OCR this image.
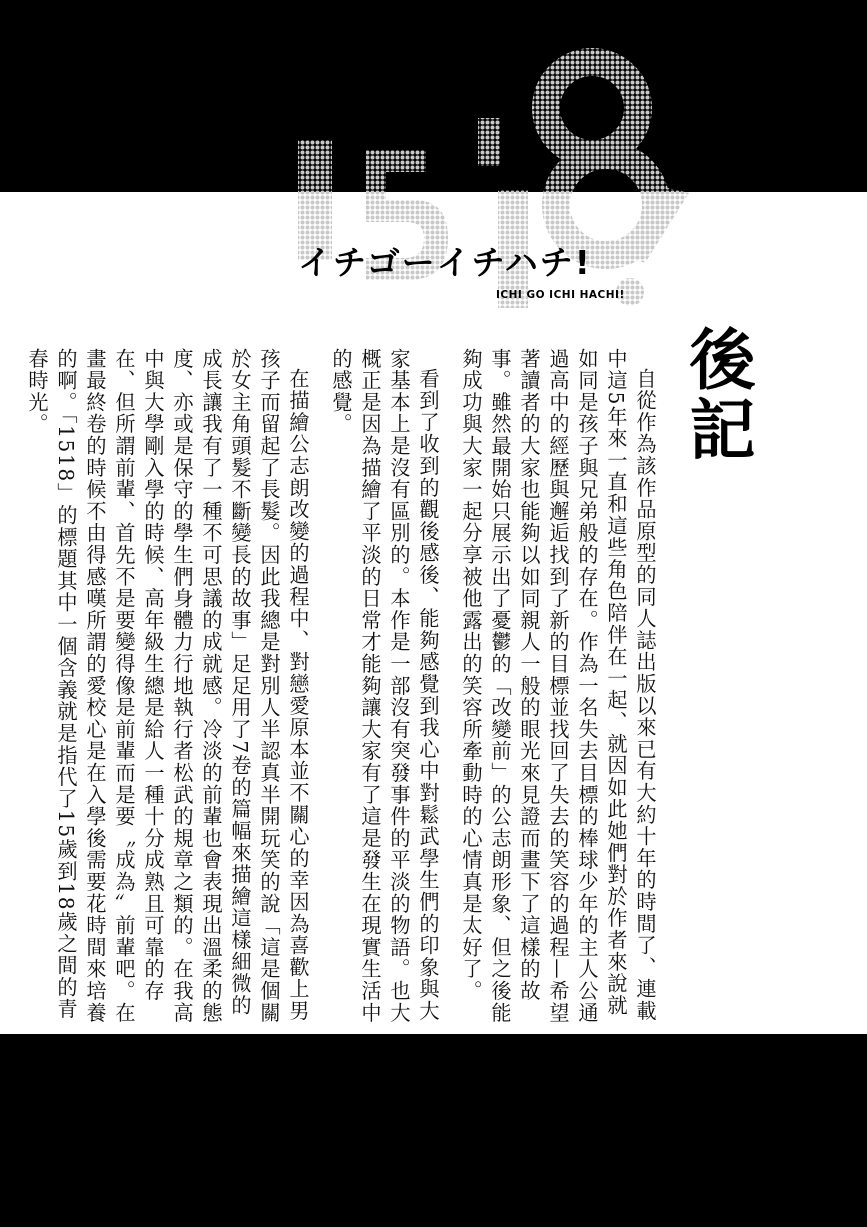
イチゴーイチハチ!
ICHI GO ICHI HACHI!
後記

自從作為該作品原型的同人誌出版以來已有大約十年的時間了、連載中這5年來一直和這些角色陪伴在一起、就因如此她們對於作者來說就如同是孩子與兄弟般的存在。作為一名失去目標的棒球少年的主人公通過高中的經歷與邂逅找到了新的目標並找回了失去的笑容的過程—希望著讀者的大家也能夠以如同親人一般的眼光來見證而畫下了這樣的故事。雖然最開始只展示出了憂鬱的「改變前」的公志朗形象、但之後能夠成功與大家一起分享被他露出的笑容所牽動時的心情真是太好了。

看到了收到的觀後感後、能夠感覺到我心中對鬆武學生們的印象與大家基本上是沒有區別的。本作是一部沒有突發事件的平淡的物語。也大概正是因為描繪了平淡的日常才能夠讓大家有了這是發生在現實生活中的感覺。

在描繪公志朗改變的過程中、對戀愛原本並不關心的幸因為喜歡上男孩子而留起了長髮。因此我總是對別人半認真半開玩笑的說「這是個關於女主角頭髮不斷變長的故事」足足用了7卷的篇幅來描繪這樣細微的成長讓我有了一種不可思議的成就感。冷淡的前輩也會表現出溫柔的態度、亦或是保守的學生們身體力行地執行者松武的規章之類的。在我高中與大學剛入學的時候、高年級生總是給人一種十分成熟且可靠的存在、但所謂前輩、首先不是要變得像是前輩而是要〝成為〟前輩吧。在畫最終卷的時候不由得感嘆所謂的愛校心是在入學後需要花時間來培養的啊。「1518」的標題其中一個含義就是指代了15歲到18歲之間的青春時光。
